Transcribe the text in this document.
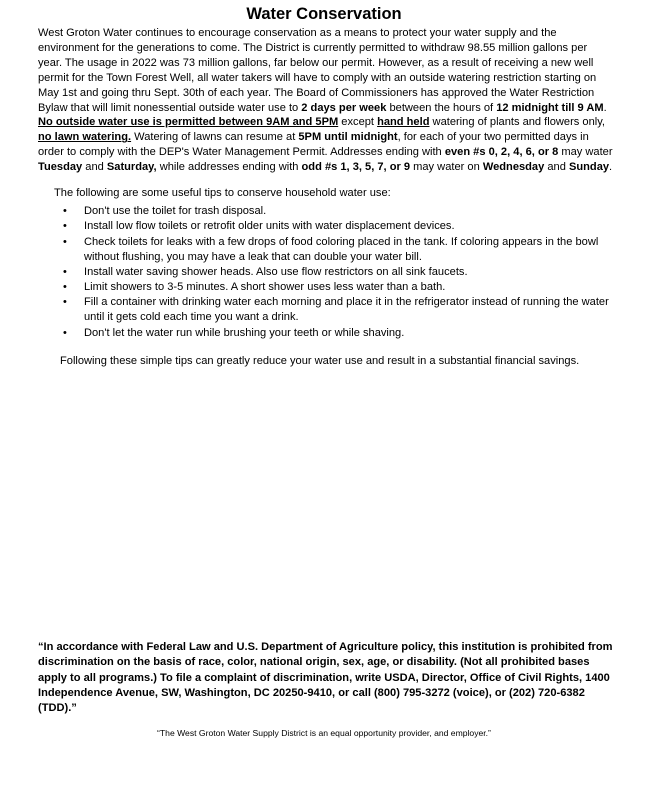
Water Conservation

West Groton Water continues to encourage conservation as a means to protect your water supply and the environment for the generations to come. The District is currently permitted to withdraw 98.55 million gallons per year. The usage in 2022 was 73 million gallons, far below our permit. However, as a result of receiving a new well permit for the Town Forest Well, all water takers will have to comply with an outside watering restriction starting on May 1st and going thru Sept. 30th of each year. The Board of Commissioners has approved the Water Restriction Bylaw that will limit nonessential outside water use to 2 days per week between the hours of 12 midnight till 9 AM. No outside water use is permitted between 9AM and 5PM except hand held watering of plants and flowers only, no lawn watering. Watering of lawns can resume at 5PM until midnight, for each of your two permitted days in order to comply with the DEP's Water Management Permit. Addresses ending with even #s 0, 2, 4, 6, or 8 may water Tuesday and Saturday, while addresses ending with odd #s 1, 3, 5, 7, or 9 may water on Wednesday and Sunday.

The following are some useful tips to conserve household water use:

• Don't use the toilet for trash disposal.
• Install low flow toilets or retrofit older units with water displacement devices.
• Check toilets for leaks with a few drops of food coloring placed in the tank. If coloring appears in the bowl without flushing, you may have a leak that can double your water bill.
• Install water saving shower heads. Also use flow restrictors on all sink faucets.
• Limit showers to 3-5 minutes. A short shower uses less water than a bath.
• Fill a container with drinking water each morning and place it in the refrigerator instead of running the water until it gets cold each time you want a drink.
• Don't let the water run while brushing your teeth or while shaving.

Following these simple tips can greatly reduce your water use and result in a substantial financial savings.

“In accordance with Federal Law and U.S. Department of Agriculture policy, this institution is prohibited from discrimination on the basis of race, color, national origin, sex, age, or disability. (Not all prohibited bases apply to all programs.) To file a complaint of discrimination, write USDA, Director, Office of Civil Rights, 1400 Independence Avenue, SW, Washington, DC 20250-9410, or call (800) 795-3272 (voice), or (202) 720-6382 (TDD).”

“The West Groton Water Supply District is an equal opportunity provider, and employer.”
